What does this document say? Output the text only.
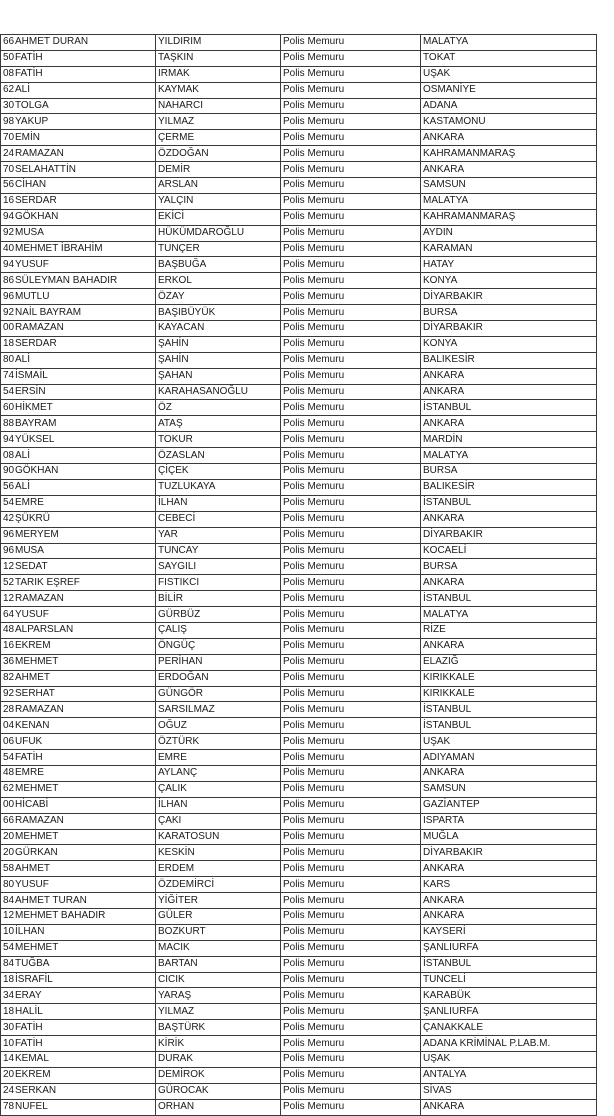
66AHMET DURAN	YILDIRIM	Polis Memuru	MALATYA
50FATİH	TAŞKIN	Polis Memuru	TOKAT
08FATİH	IRMAK	Polis Memuru	UŞAK
62ALİ	KAYMAK	Polis Memuru	OSMANİYE
30TOLGA	NAHARCI	Polis Memuru	ADANA
98YAKUP	YILMAZ	Polis Memuru	KASTAMONU
70EMİN	ÇERME	Polis Memuru	ANKARA
24RAMAZAN	ÖZDOĞAN	Polis Memuru	KAHRAMANMARAŞ
70SELAHATTİN	DEMİR	Polis Memuru	ANKARA
56CİHAN	ARSLAN	Polis Memuru	SAMSUN
16SERDAR	YALÇIN	Polis Memuru	MALATYA
94GÖKHAN	EKİCİ	Polis Memuru	KAHRAMANMARAŞ
92MUSA	HÜKÜMDAROĞLU	Polis Memuru	AYDIN
40MEHMET İBRAHİM	TUNÇER	Polis Memuru	KARAMAN
94YUSUF	BAŞBUĞA	Polis Memuru	HATAY
86SÜLEYMAN BAHADIR	ERKOL	Polis Memuru	KONYA
96MUTLU	ÖZAY	Polis Memuru	DİYARBAKIR
92NAİL BAYRAM	BAŞIBÜYÜK	Polis Memuru	BURSA
00RAMAZAN	KAYACAN	Polis Memuru	DİYARBAKIR
18SERDAR	ŞAHİN	Polis Memuru	KONYA
80ALİ	ŞAHİN	Polis Memuru	BALIKESİR
74İSMAİL	ŞAHAN	Polis Memuru	ANKARA
54ERSİN	KARAHASANOĞLU	Polis Memuru	ANKARA
60HİKMET	ÖZ	Polis Memuru	İSTANBUL
88BAYRAM	ATAŞ	Polis Memuru	ANKARA
94YÜKSEL	TOKUR	Polis Memuru	MARDİN
08ALİ	ÖZASLAN	Polis Memuru	MALATYA
90GÖKHAN	ÇİÇEK	Polis Memuru	BURSA
56ALİ	TUZLUKAYA	Polis Memuru	BALIKESİR
54EMRE	İLHAN	Polis Memuru	İSTANBUL
42ŞÜKRÜ	CEBECİ	Polis Memuru	ANKARA
96MERYEM	YAR	Polis Memuru	DİYARBAKIR
96MUSA	TUNCAY	Polis Memuru	KOCAELİ
12SEDAT	SAYGILI	Polis Memuru	BURSA
52TARIK EŞREF	FISTIKCI	Polis Memuru	ANKARA
12RAMAZAN	BİLİR	Polis Memuru	İSTANBUL
64YUSUF	GÜRBÜZ	Polis Memuru	MALATYA
48ALPARSLAN	ÇALIŞ	Polis Memuru	RİZE
16EKREM	ÖNGÜÇ	Polis Memuru	ANKARA
36MEHMET	PERİHAN	Polis Memuru	ELAZIĞ
82AHMET	ERDOĞAN	Polis Memuru	KIRIKKALE
92SERHAT	GÜNGÖR	Polis Memuru	KIRIKKALE
28RAMAZAN	SARSILMAZ	Polis Memuru	İSTANBUL
04KENAN	OĞUZ	Polis Memuru	İSTANBUL
06UFUK	ÖZTÜRK	Polis Memuru	UŞAK
54FATİH	EMRE	Polis Memuru	ADIYAMAN
48EMRE	AYLANÇ	Polis Memuru	ANKARA
62MEHMET	ÇALIK	Polis Memuru	SAMSUN
00HİCABİ	İLHAN	Polis Memuru	GAZİANTEP
66RAMAZAN	ÇAKI	Polis Memuru	ISPARTA
20MEHMET	KARATOSUN	Polis Memuru	MUĞLA
20GÜRKAN	KESKİN	Polis Memuru	DİYARBAKIR
58AHMET	ERDEM	Polis Memuru	ANKARA
80YUSUF	ÖZDEMİRCİ	Polis Memuru	KARS
84AHMET TURAN	YİĞİTER	Polis Memuru	ANKARA
12MEHMET BAHADIR	GÜLER	Polis Memuru	ANKARA
10İLHAN	BOZKURT	Polis Memuru	KAYSERİ
54MEHMET	MACIK	Polis Memuru	ŞANLIURFA
84TUĞBA	BARTAN	Polis Memuru	İSTANBUL
18İSRAFİL	CICIK	Polis Memuru	TUNCELİ
34ERAY	YARAŞ	Polis Memuru	KARABÜK
18HALİL	YILMAZ	Polis Memuru	ŞANLIURFA
30FATİH	BAŞTÜRK	Polis Memuru	ÇANAKKALE
10FATİH	KİRİK	Polis Memuru	ADANA KRİMİNAL P.LAB.M.
14KEMAL	DURAK	Polis Memuru	UŞAK
20EKREM	DEMİROK	Polis Memuru	ANTALYA
24SERKAN	GÜROCAK	Polis Memuru	SİVAS
78NUFEL	ORHAN	Polis Memuru	ANKARA
